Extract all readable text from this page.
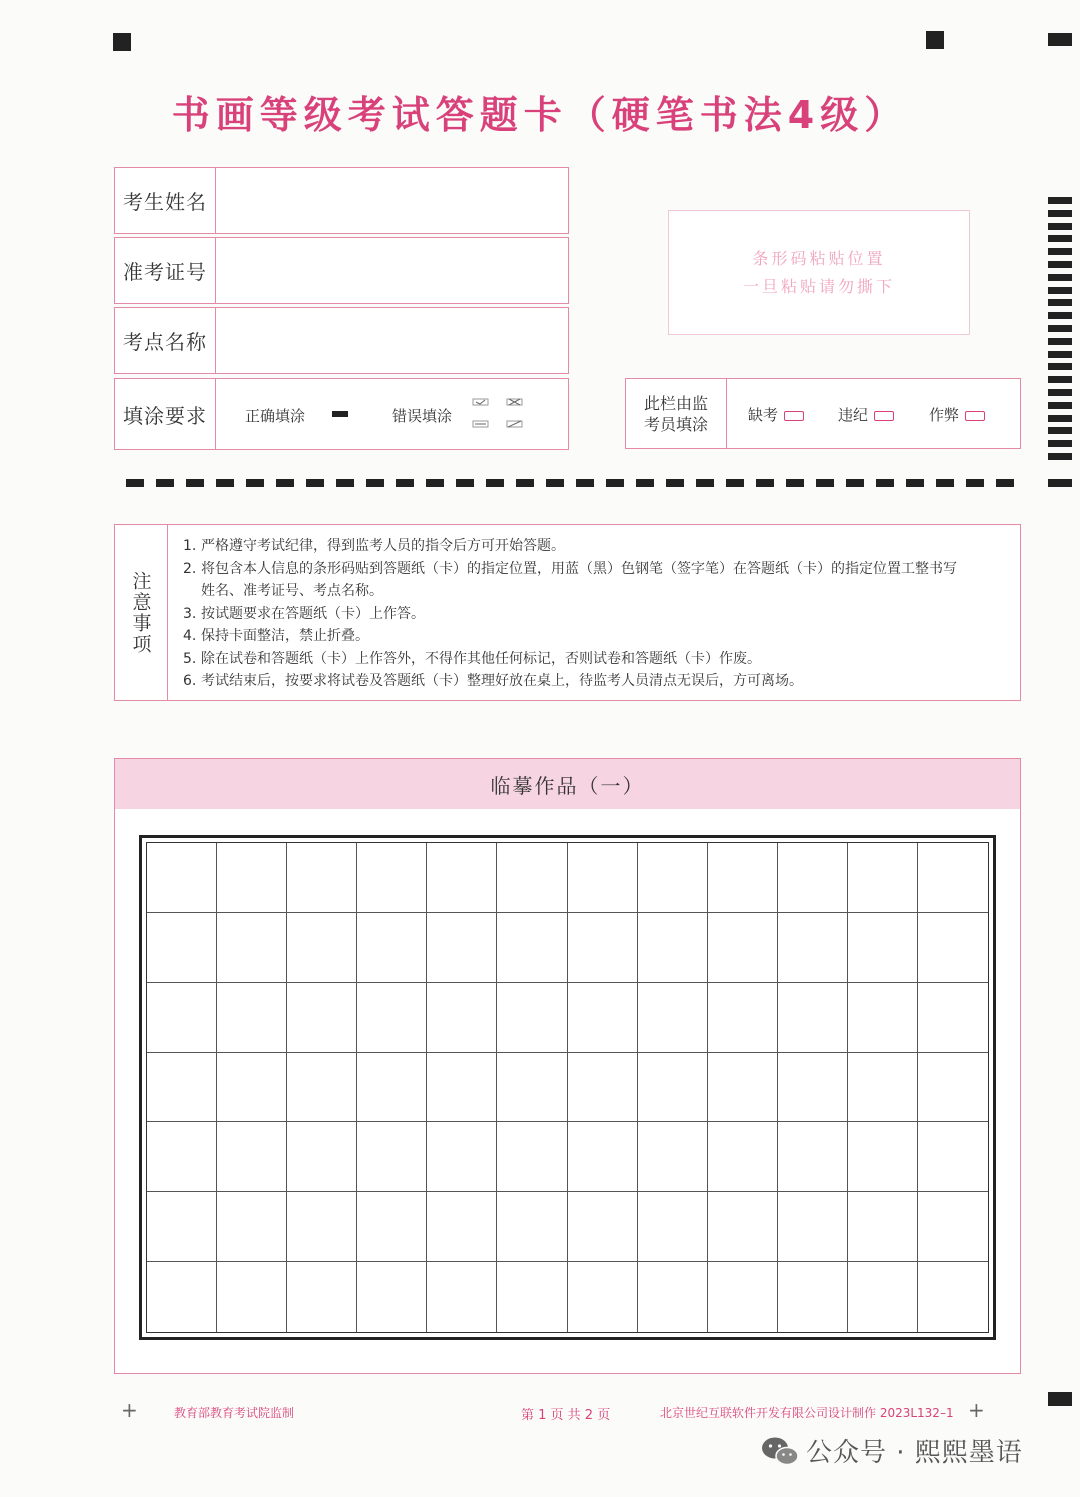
书画等级考试答题卡（硬笔书法4级）
考生姓名
准考证号
考点名称
填涂要求	正确填涂	错误填涂
条形码粘贴位置
一旦粘贴请勿撕下
此栏由监
考员填涂	缺考	违纪	作弊
注意事项
1. 严格遵守考试纪律，得到监考人员的指令后方可开始答题。
2. 将包含本人信息的条形码贴到答题纸（卡）的指定位置，用蓝（黑）色钢笔（签字笔）在答题纸（卡）的指定位置工整书写
姓名、准考证号、考点名称。
3. 按试题要求在答题纸（卡）上作答。
4. 保持卡面整洁，禁止折叠。
5. 除在试卷和答题纸（卡）上作答外，不得作其他任何标记，否则试卷和答题纸（卡）作废。
6. 考试结束后，按要求将试卷及答题纸（卡）整理好放在桌上，待监考人员清点无误后，方可离场。
临摹作品（一）
+	教育部教育考试院监制	第 1 页 共 2 页	北京世纪互联软件开发有限公司设计制作 2023L132–1 +
公众号 · 熙熙墨语
